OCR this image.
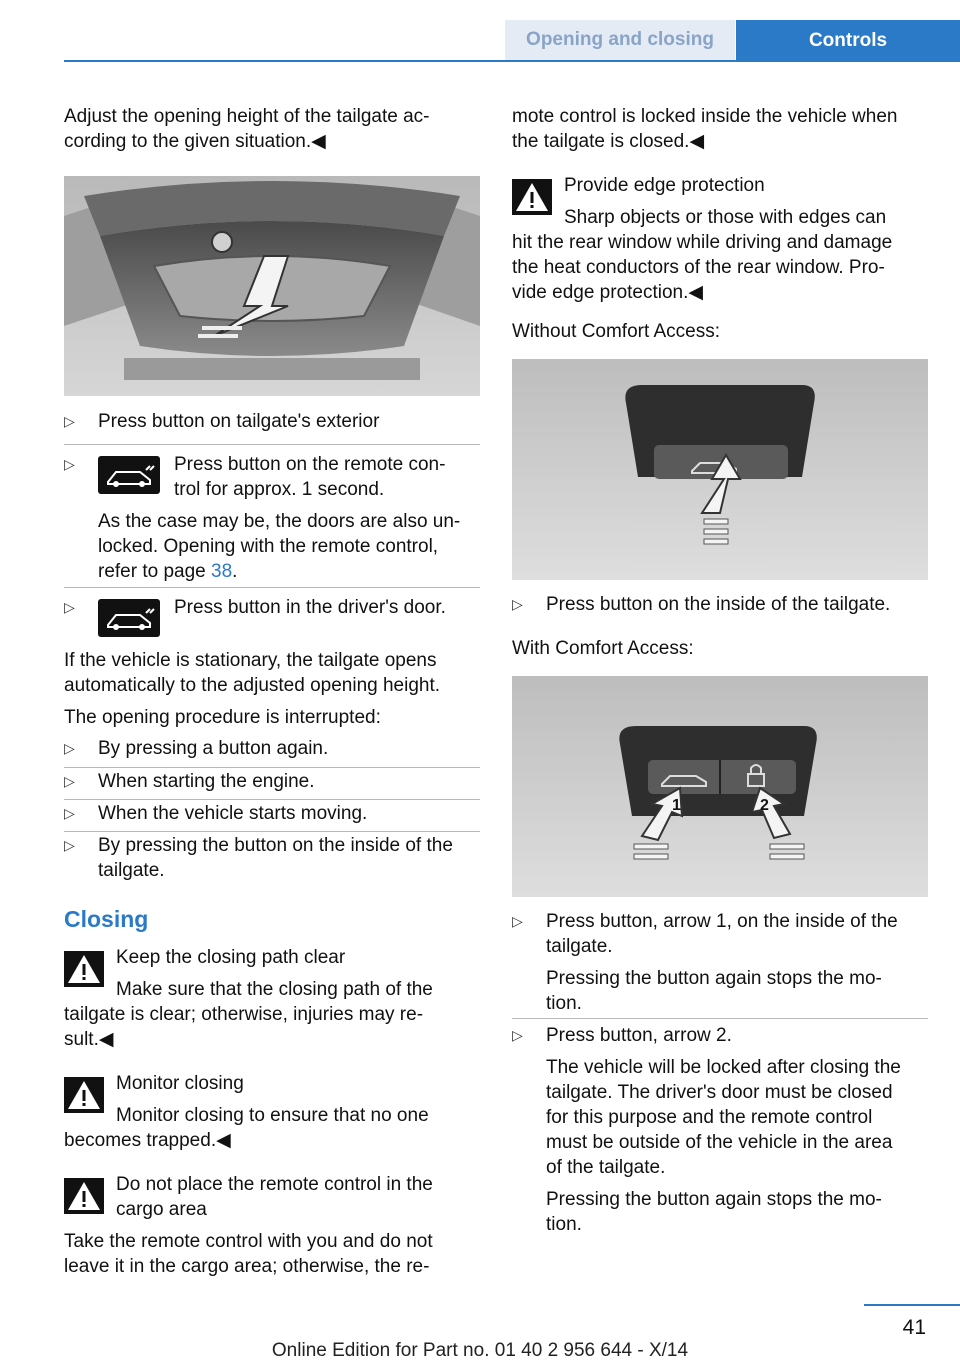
Opening and closing	Controls

Adjust the opening height of the tailgate ac-

cording to the given situation.◀

▷ Press button on tailgate's exterior
▷	Press button on the remote con-
trol for approx. 1 second.
As the case may be, the doors are also un-
locked. Opening with the remote control,
refer to page 38.
▷	Press button in the driver's door.

If the vehicle is stationary, the tailgate opens

automatically to the adjusted opening height.

The opening procedure is interrupted:

▷ By pressing a button again.
▷ When starting the engine.
▷ When the vehicle starts moving.
▷ By pressing the button on the inside of the
tailgate.
Closing
Keep the closing path clear

Make sure that the closing path of the

tailgate is clear; otherwise, injuries may re-

sult.◀

Monitor closing

Monitor closing to ensure that no one

becomes trapped.◀

Do not place the remote control in the
cargo area

Take the remote control with you and do not

leave it in the cargo area; otherwise, the re-

mote control is locked inside the vehicle when

the tailgate is closed.◀

Provide edge protection

Sharp objects or those with edges can

hit the rear window while driving and damage

the heat conductors of the rear window. Pro-

vide edge protection.◀

Without Comfort Access:

▷ Press button on the inside of the tailgate.

With Comfort Access:

1	2
▷ Press button, arrow 1, on the inside of the
tailgate.
Pressing the button again stops the mo-
tion.
▷ Press button, arrow 2.
The vehicle will be locked after closing the
tailgate. The driver's door must be closed
for this purpose and the remote control
must be outside of the vehicle in the area
of the tailgate.
Pressing the button again stops the mo-
tion.
41
Online Edition for Part no. 01 40 2 956 644 - X/14
